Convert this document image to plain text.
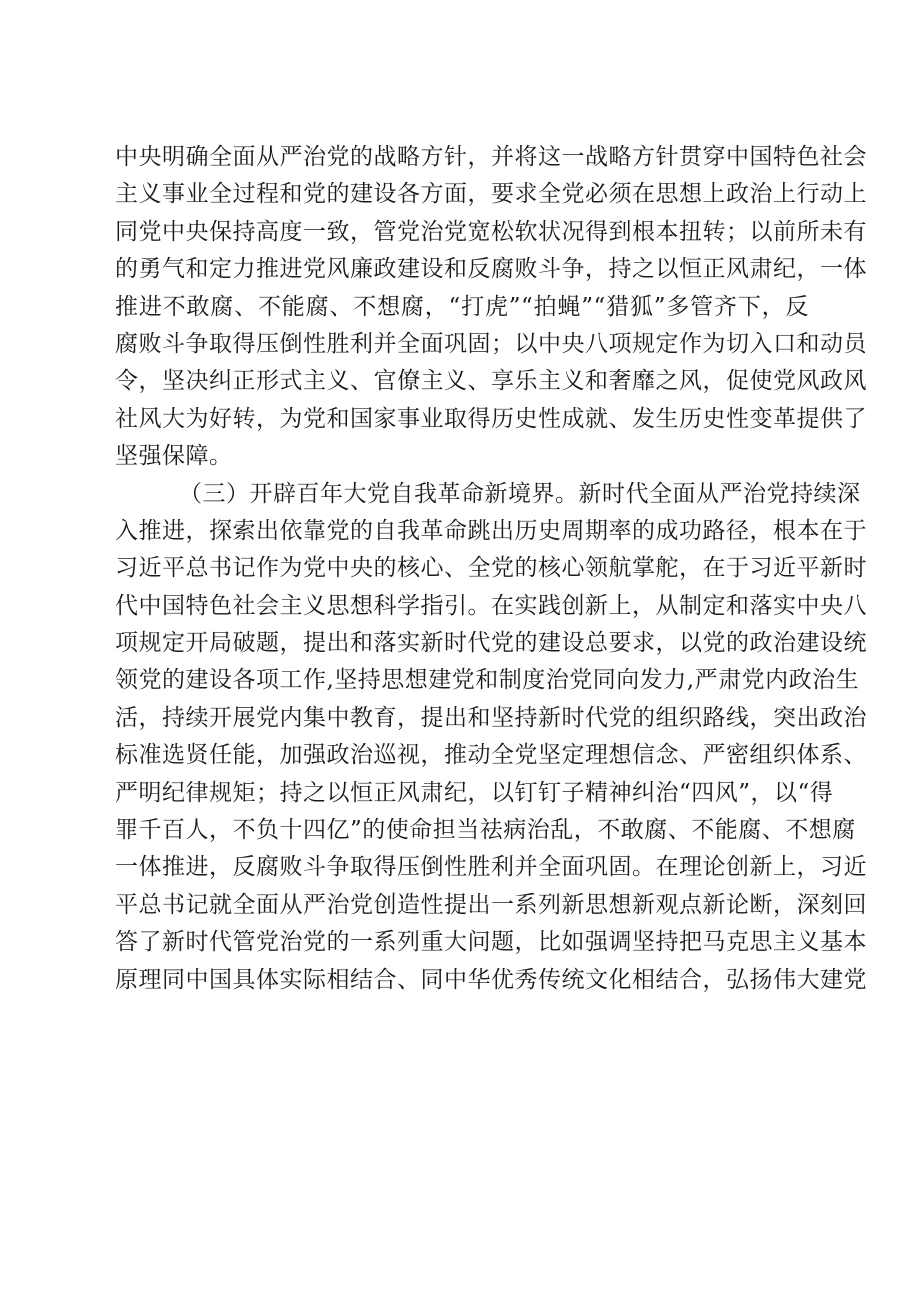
中央明确全面从严治党的战略方针，并将这一战略方针贯穿中国特色社会
主义事业全过程和党的建设各方面，要求全党必须在思想上政治上行动上
同党中央保持高度一致，管党治党宽松软状况得到根本扭转；以前所未有
的勇气和定力推进党风廉政建设和反腐败斗争，持之以恒正风肃纪，一体
推进不敢腐、不能腐、不想腐，“打虎”“拍蝇”“猎狐”多管齐下，反
腐败斗争取得压倒性胜利并全面巩固；以中央八项规定作为切入口和动员
令，坚决纠正形式主义、官僚主义、享乐主义和奢靡之风，促使党风政风
社风大为好转，为党和国家事业取得历史性成就、发生历史性变革提供了
坚强保障。
（三）开辟百年大党自我革命新境界。新时代全面从严治党持续深
入推进，探索出依靠党的自我革命跳出历史周期率的成功路径，根本在于
习近平总书记作为党中央的核心、全党的核心领航掌舵，在于习近平新时
代中国特色社会主义思想科学指引。在实践创新上，从制定和落实中央八
项规定开局破题，提出和落实新时代党的建设总要求，以党的政治建设统
领党的建设各项工作,坚持思想建党和制度治党同向发力,严肃党内政治生
活，持续开展党内集中教育，提出和坚持新时代党的组织路线，突出政治
标准选贤任能，加强政治巡视，推动全党坚定理想信念、严密组织体系、
严明纪律规矩；持之以恒正风肃纪，以钉钉子精神纠治“四风”，以“得
罪千百人，不负十四亿”的使命担当祛病治乱，不敢腐、不能腐、不想腐
一体推进，反腐败斗争取得压倒性胜利并全面巩固。在理论创新上，习近
平总书记就全面从严治党创造性提出一系列新思想新观点新论断，深刻回
答了新时代管党治党的一系列重大问题，比如强调坚持把马克思主义基本
原理同中国具体实际相结合、同中华优秀传统文化相结合，弘扬伟大建党
